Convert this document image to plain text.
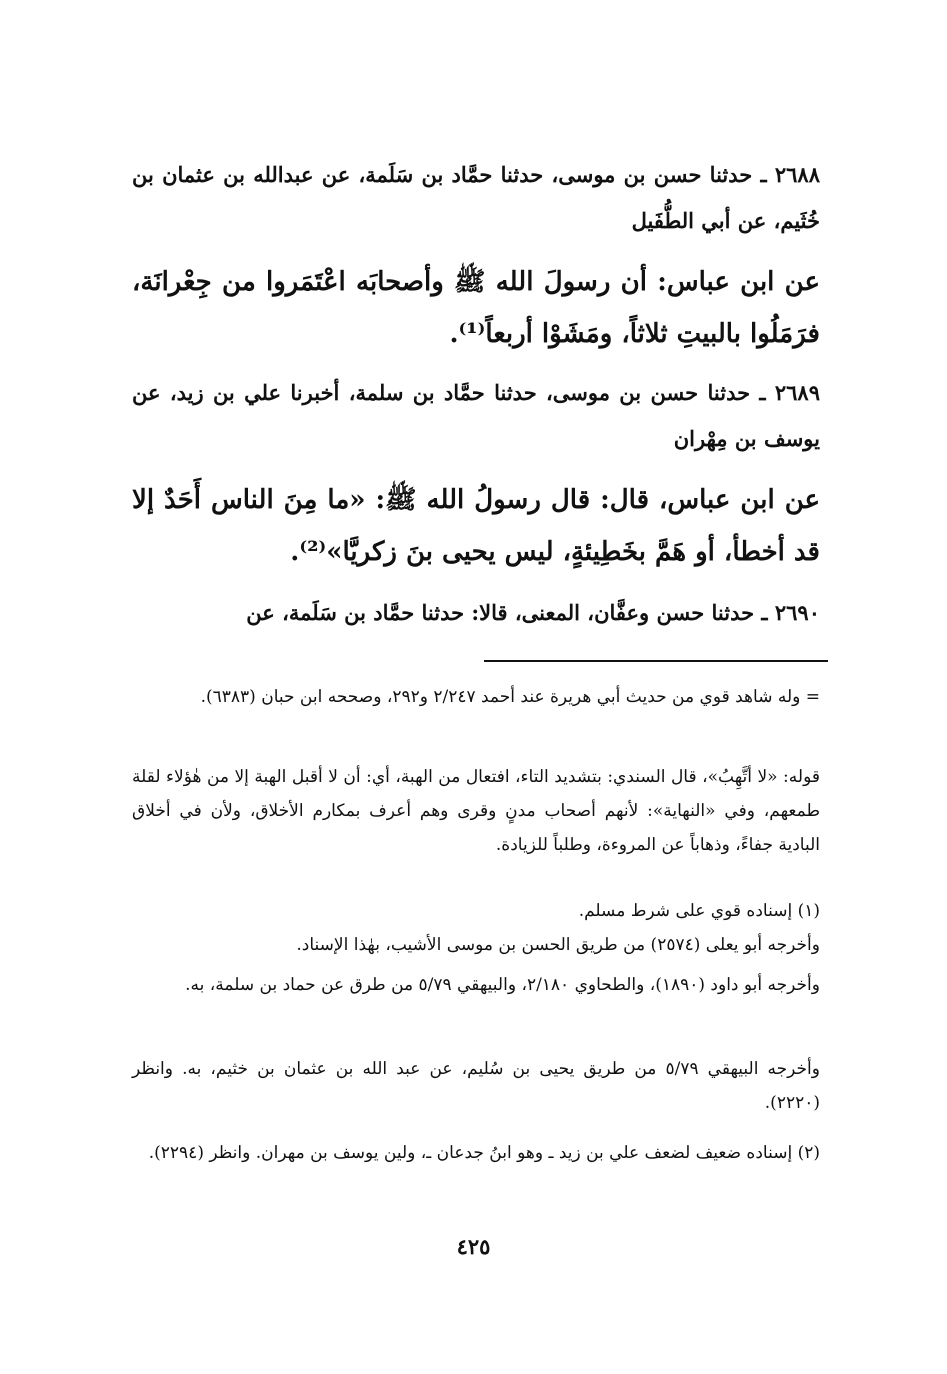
٢٦٨٨ ـ حدثنا حسن بن موسى، حدثنا حمَّاد بن سَلَمة، عن عبدالله بن عثمان بن خُثَيم، عن أبي الطُّفَيل

عن ابن عباس: أن رسولَ الله ﷺ وأصحابَه اعْتَمَروا من جِعْرانَة، فرَمَلُوا بالبيتِ ثلاثاً، ومَشَوْا أربعاً⁽¹⁾.

٢٦٨٩ ـ حدثنا حسن بن موسى، حدثنا حمَّاد بن سلمة، أخبرنا علي بن زيد، عن يوسف بن مِهْران

عن ابن عباس، قال: قال رسولُ الله ﷺ: «ما مِنَ الناس أَحَدٌ إلا قد أخطأ، أو هَمَّ بخَطِيئةٍ، ليس يحيى بنَ زكريَّا»⁽²⁾.

٢٦٩٠ ـ حدثنا حسن وعفَّان، المعنى، قالا: حدثنا حمَّاد بن سَلَمة، عن

= وله شاهد قوي من حديث أبي هريرة عند أحمد ٢/٢٤٧ و٢٩٢، وصححه ابن حبان (٦٣٨٣).

قوله: «لا أتَّهِبُ»، قال السندي: بتشديد التاء، افتعال من الهبة، أي: أن لا أقبل الهبة إلا من هٰؤلاء لقلة طمعهم، وفي «النهاية»: لأنهم أصحاب مدنٍ وقرى وهم أعرف بمكارم الأخلاق، ولأن في أخلاق البادية جفاءً، وذهاباً عن المروءة، وطلباً للزيادة.

(١) إسناده قوي على شرط مسلم.

وأخرجه أبو يعلى (٢٥٧٤) من طريق الحسن بن موسى الأشيب، بهٰذا الإسناد.

وأخرجه أبو داود (١٨٩٠)، والطحاوي ٢/١٨٠، والبيهقي ٥/٧٩ من طرق عن حماد بن سلمة، به.

وأخرجه البيهقي ٥/٧٩ من طريق يحيى بن سُليم، عن عبد الله بن عثمان بن خثيم، به. وانظر (٢٢٢٠).

(٢) إسناده ضعيف لضعف علي بن زيد ـ وهو ابنُ جدعان ـ، ولين يوسف بن مهران. وانظر (٢٢٩٤).

٤٢٥
